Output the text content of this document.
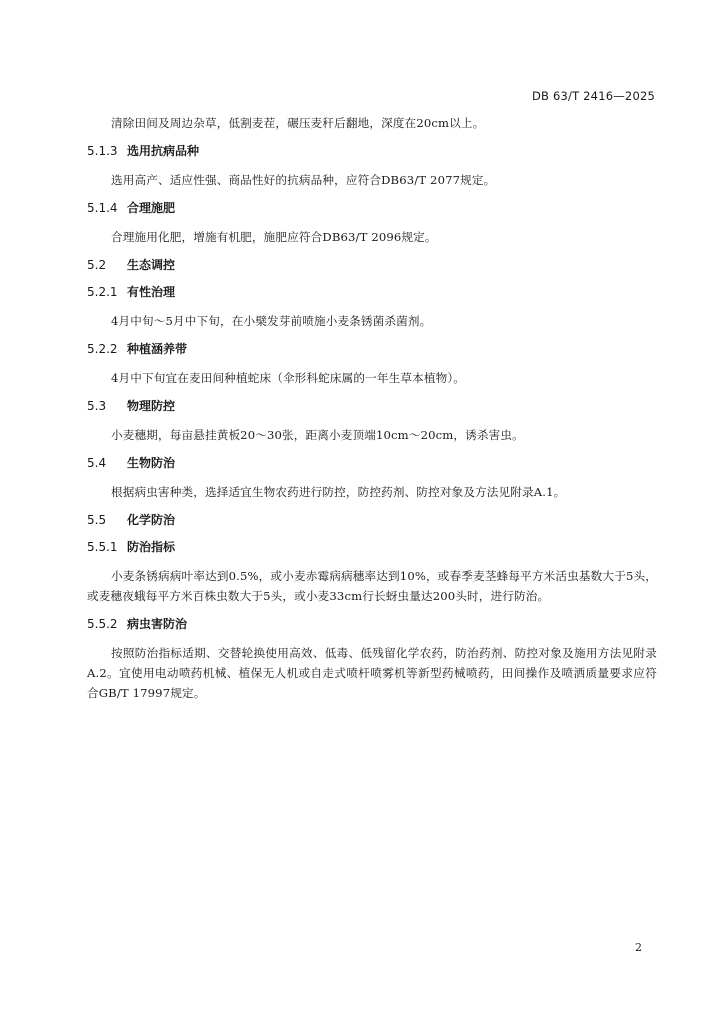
DB 63/T 2416—2025

清除田间及周边杂草，低割麦茬，碾压麦秆后翻地，深度在20cm以上。

5.1.3 选用抗病品种

选用高产、适应性强、商品性好的抗病品种，应符合DB63/T 2077规定。

5.1.4 合理施肥

合理施用化肥，增施有机肥，施肥应符合DB63/T 2096规定。

5.2 生态调控
5.2.1 有性治理

4月中旬～5月中下旬，在小檗发芽前喷施小麦条锈菌杀菌剂。

5.2.2 种植涵养带

4月中下旬宜在麦田间种植蛇床（伞形科蛇床属的一年生草本植物）。

5.3 物理防控

小麦穗期，每亩悬挂黄板20～30张，距离小麦顶端10cm～20cm，诱杀害虫。

5.4 生物防治

根据病虫害种类，选择适宜生物农药进行防控，防控药剂、防控对象及方法见附录A.1。

5.5 化学防治
5.5.1 防治指标

小麦条锈病病叶率达到0.5%，或小麦赤霉病病穗率达到10%，或春季麦茎蜂每平方米活虫基数大于5头，或麦穗夜蛾每平方米百株虫数大于5头，或小麦33cm行长蚜虫量达200头时，进行防治。

5.5.2 病虫害防治

按照防治指标适期、交替轮换使用高效、低毒、低残留化学农药，防治药剂、防控对象及施用方法见附录A.2。宜使用电动喷药机械、植保无人机或自走式喷杆喷雾机等新型药械喷药，田间操作及喷洒质量要求应符合GB/T 17997规定。

2
